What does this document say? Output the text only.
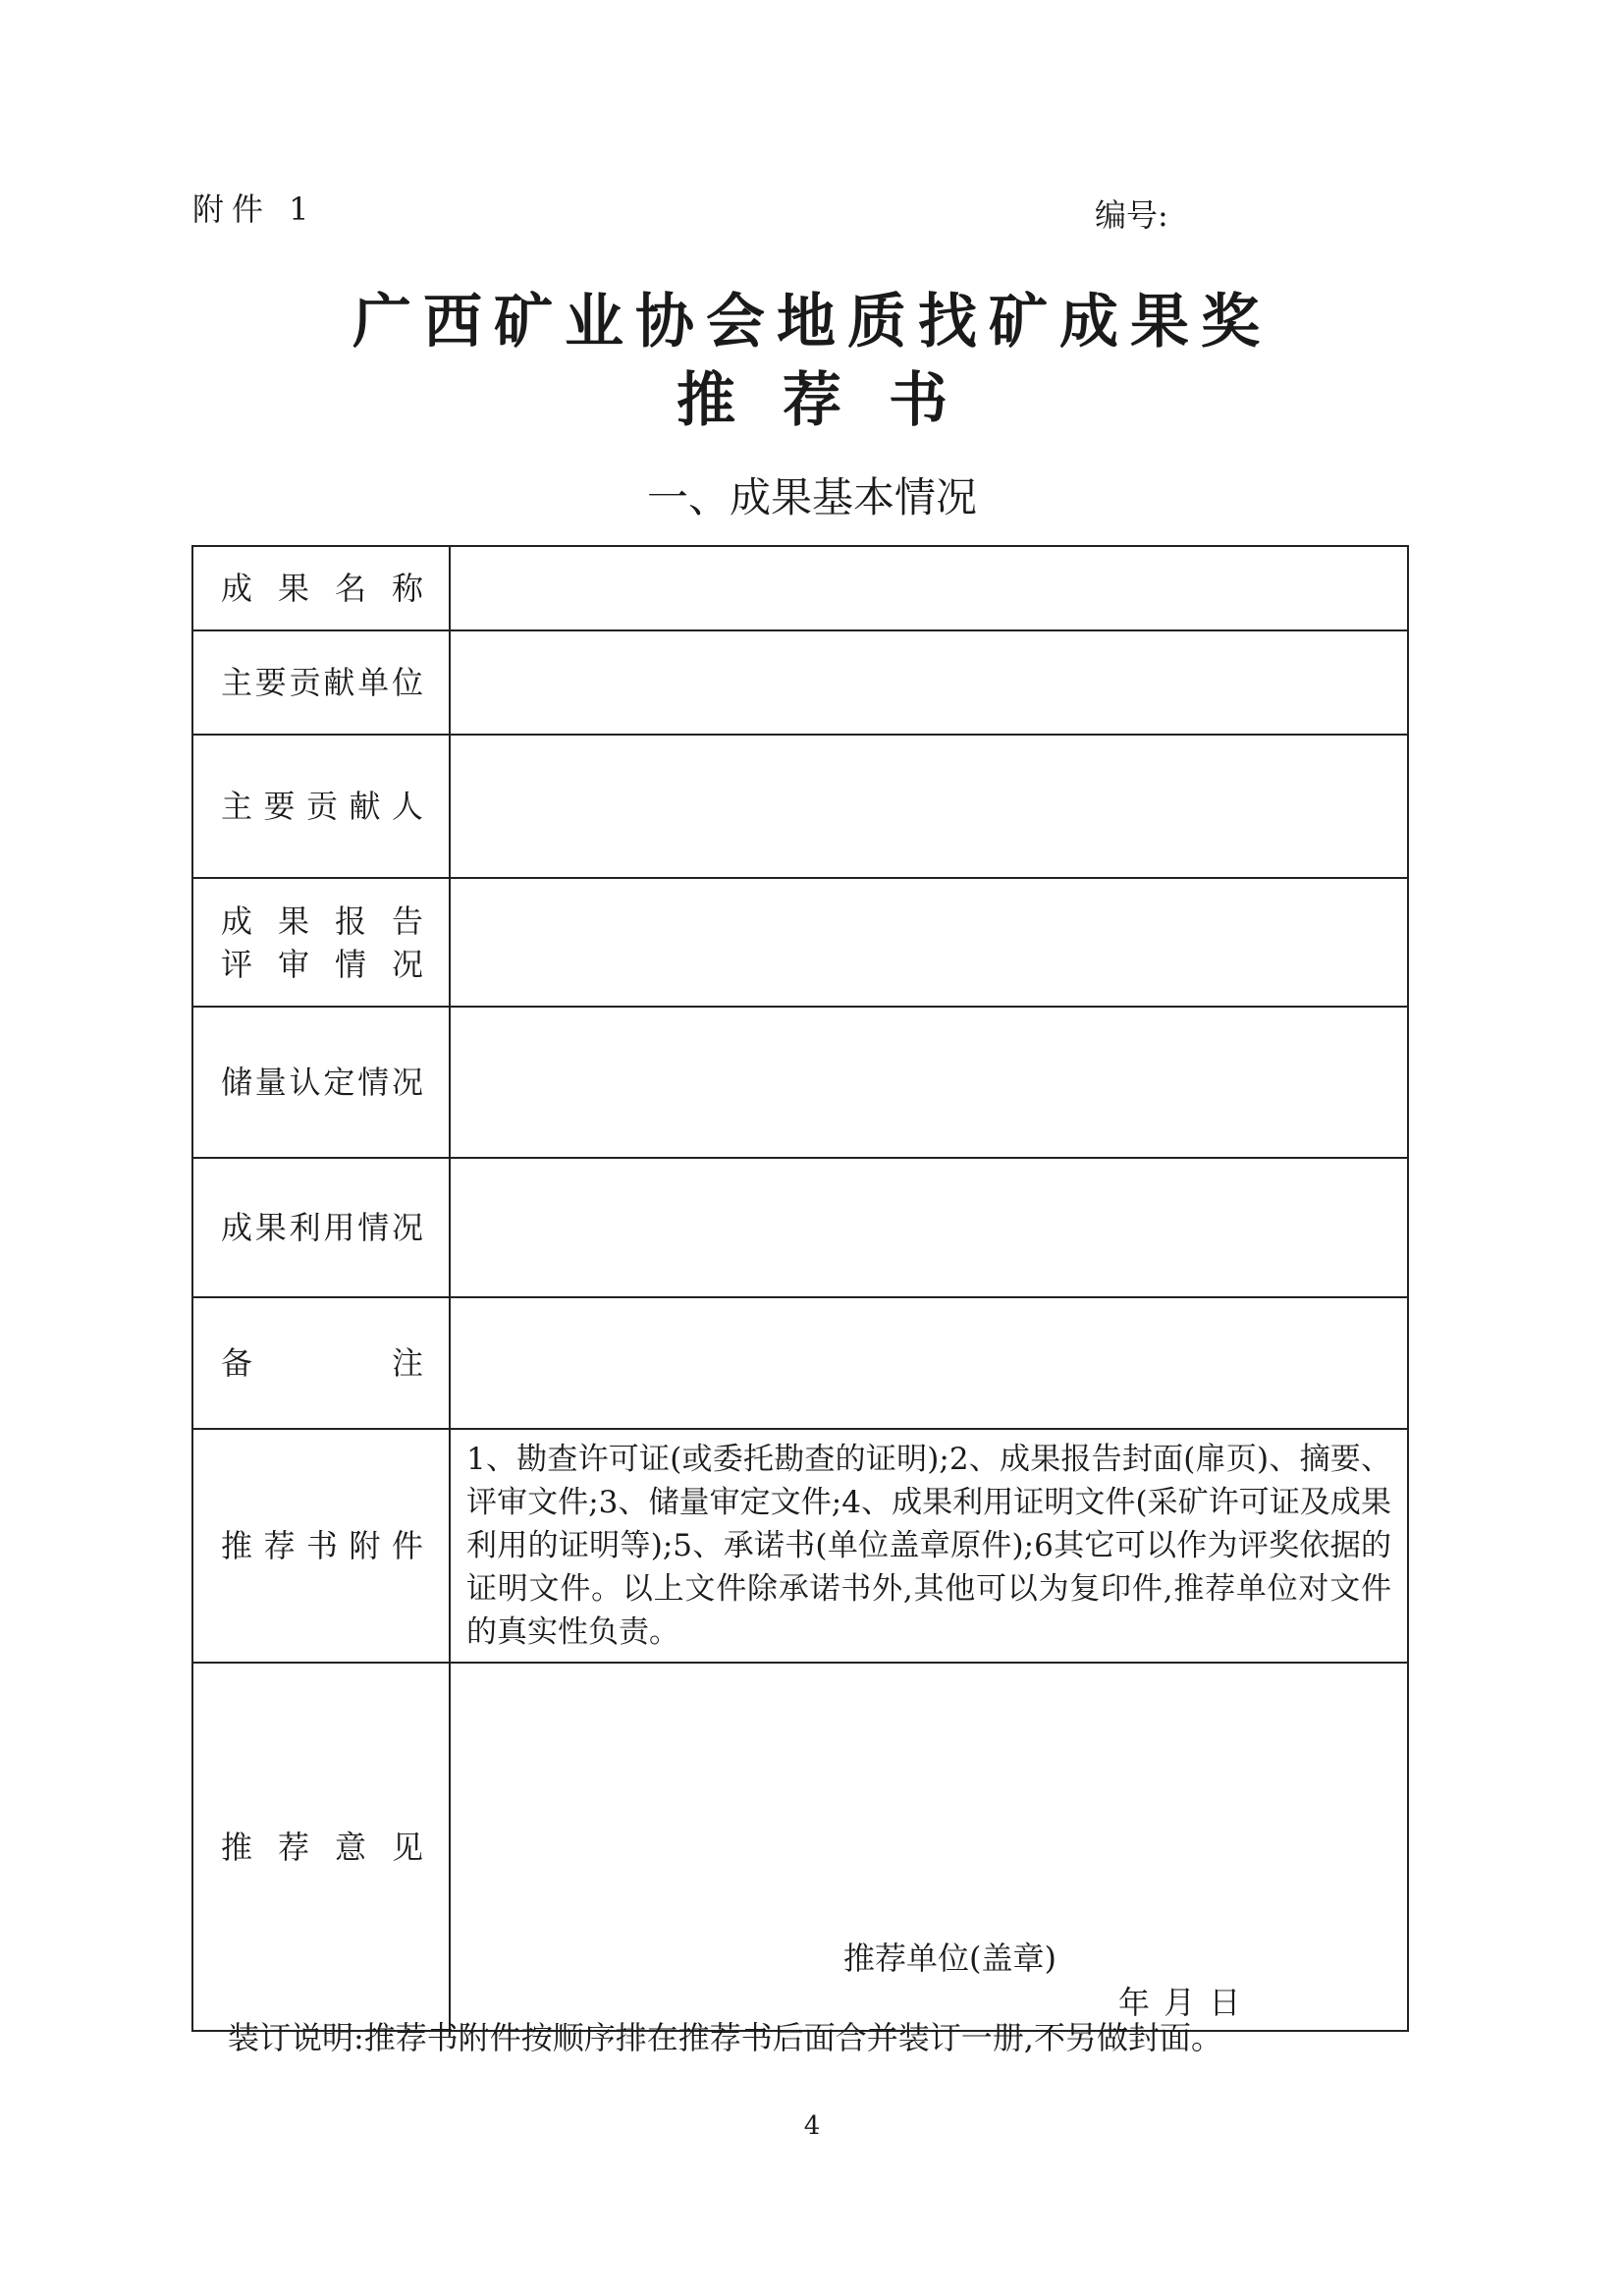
附件 1	编号:
广西矿业协会地质找矿成果奖
推荐书
一、成果基本情况
成果名称	

主要贡献单位	

主要贡献人	

成果报告
评审情况	

储量认定情况	

成果利用情况	

备注	

推荐书附件	1、勘查许可证(或委托勘查的证明);2、成果报告封面(扉页)、摘要、评审文件;3、储量审定文件;4、成果利用证明文件(采矿许可证及成果利用的证明等);5、承诺书(单位盖章原件);6其它可以作为评奖依据的证明文件。以上文件除承诺书外,其他可以为复印件,推荐单位对文件的真实性负责。

推荐意见	推荐单位(盖章)
年 月 日
装订说明:推荐书附件按顺序排在推荐书后面合并装订一册,不另做封面。
4
